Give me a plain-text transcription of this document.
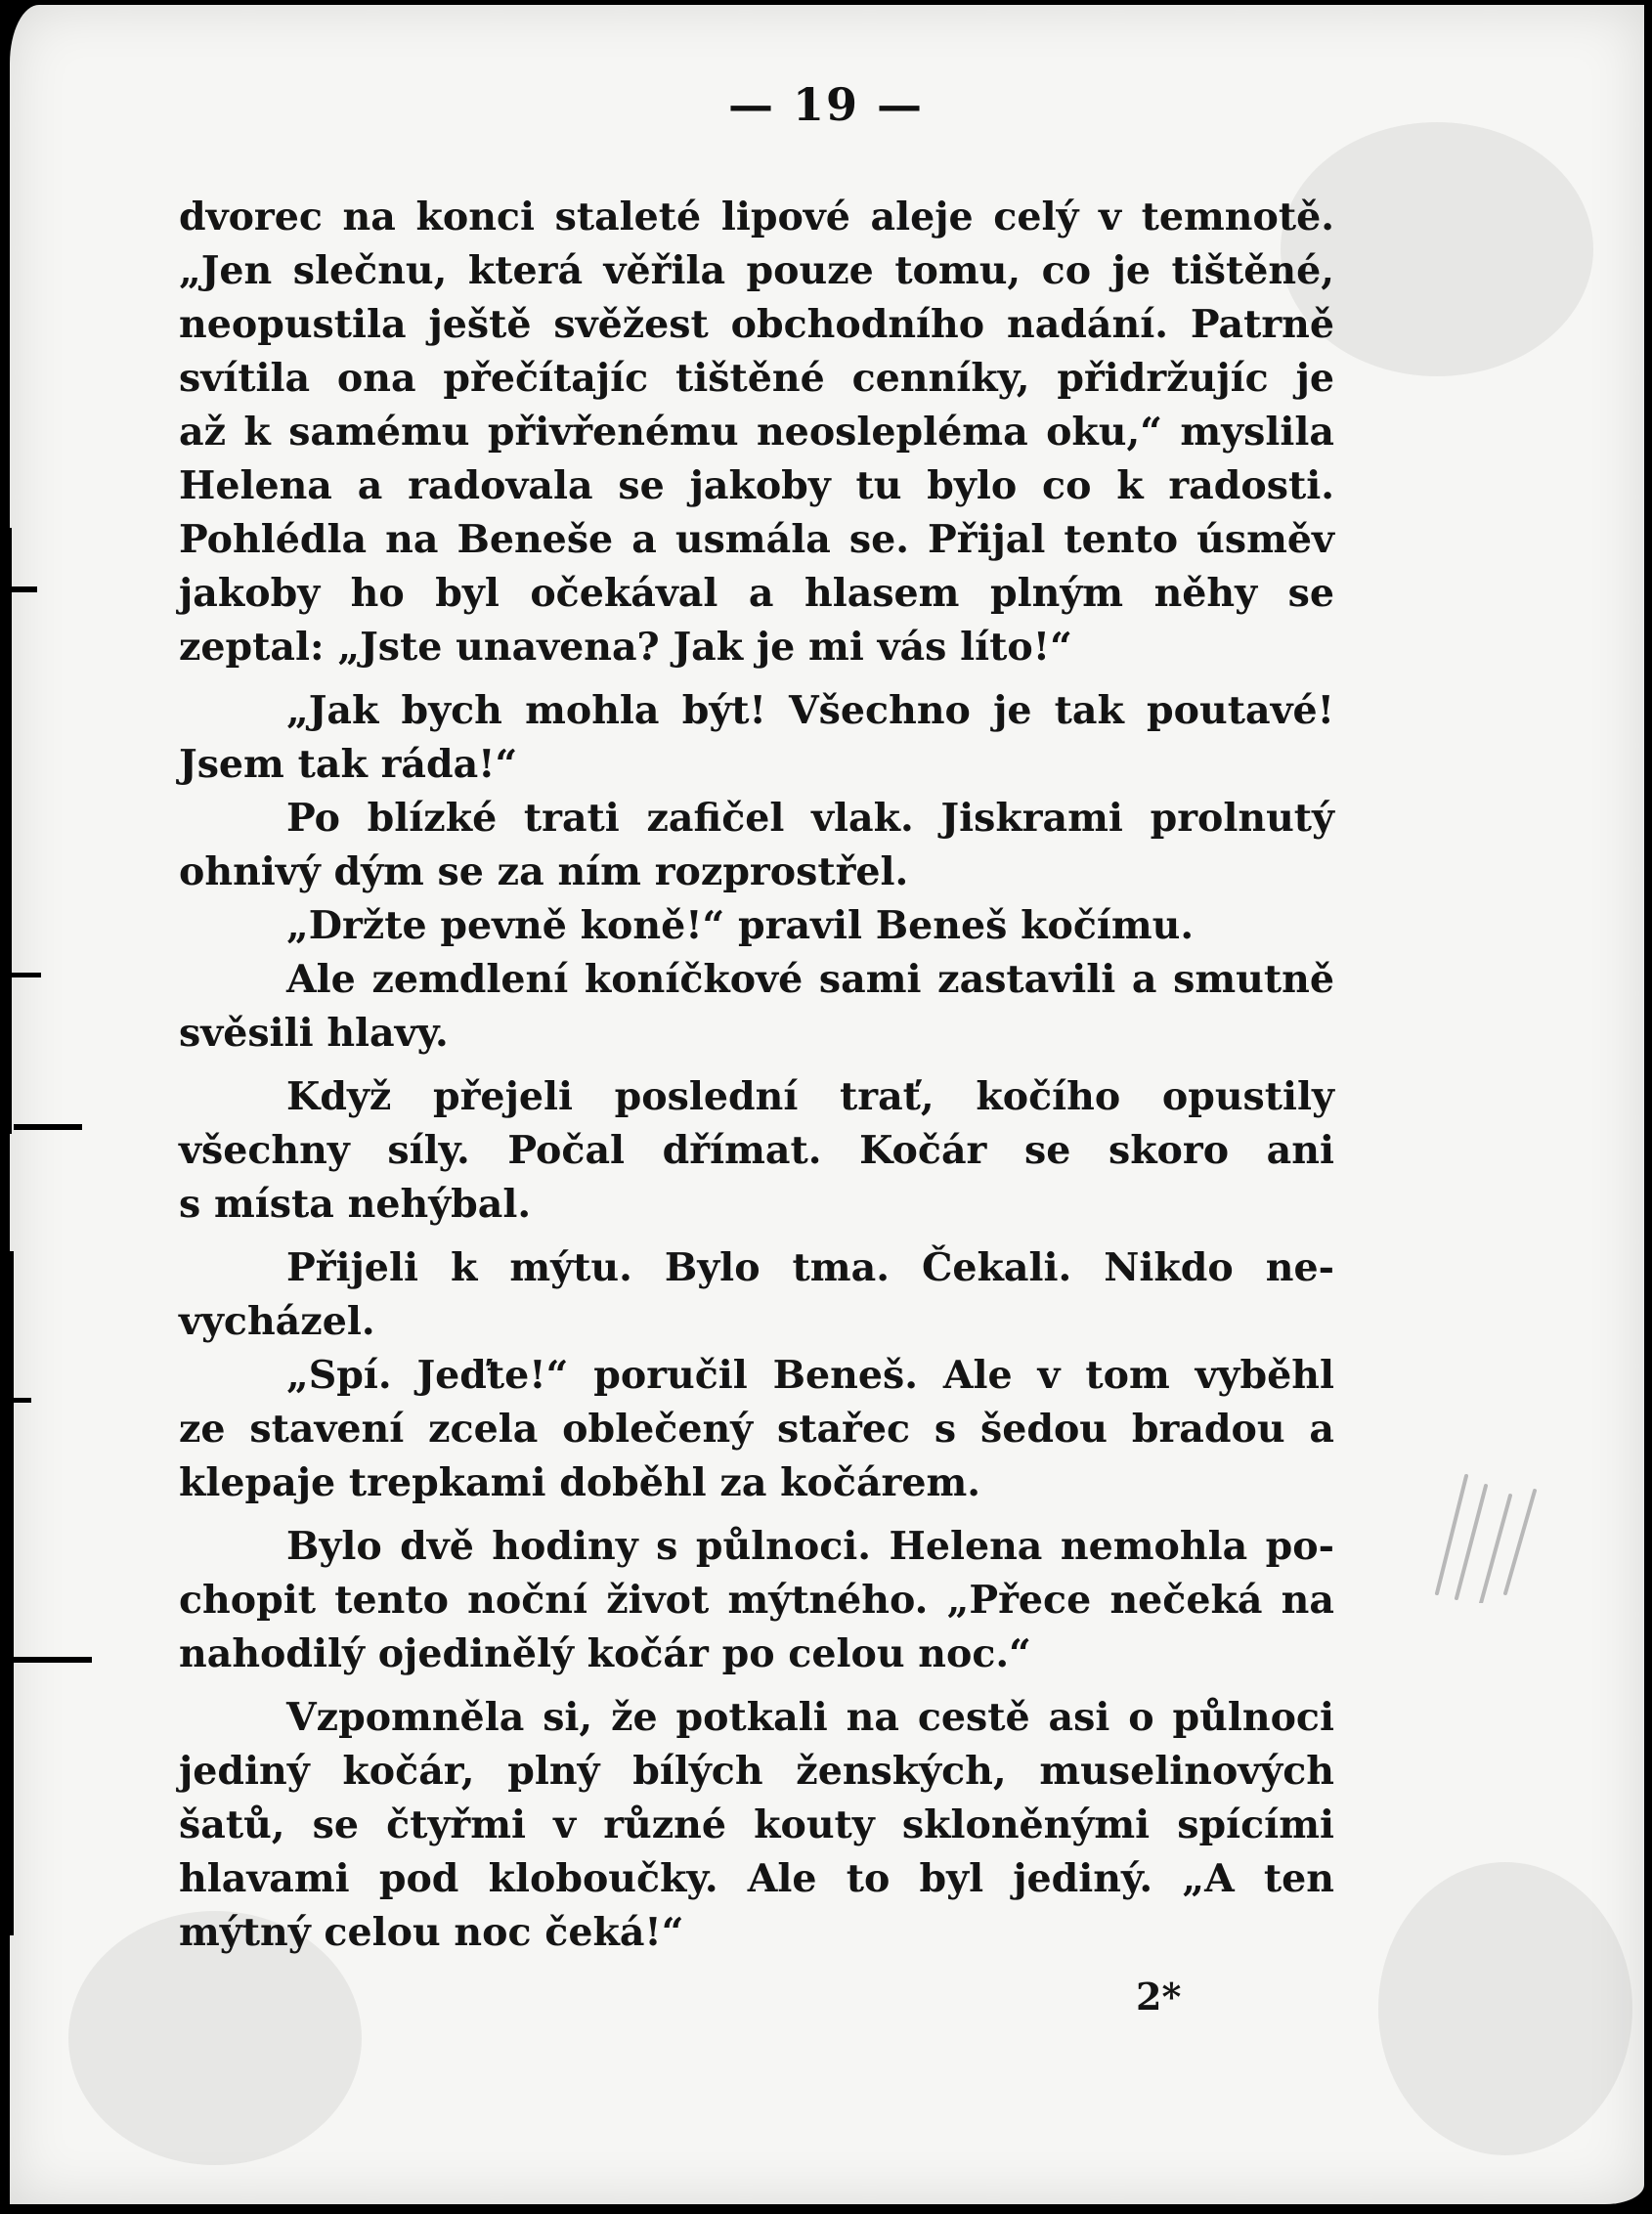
— 19 —
dvorec na konci staleté lipové aleje celý v temnotě.
„Jen slečnu, která věřila pouze tomu, co je tištěné,
neopustila ještě svěžest obchodního nadání. Patrně
svítila ona přečítajíc tištěné cenníky, přidržujíc je
až k samému přivřenému neoslepléma oku,“ myslila
Helena a radovala se jakoby tu bylo co k radosti.
Pohlédla na Beneše a usmála se. Přijal tento úsměv
jakoby ho byl očekával a hlasem plným něhy se
zeptal: „Jste unavena? Jak je mi vás líto!“
„Jak bych mohla být! Všechno je tak poutavé!
Jsem tak ráda!“
Po blízké trati zafičel vlak. Jiskrami prolnutý
ohnivý dým se za ním rozprostřel.
„Držte pevně koně!“ pravil Beneš kočímu.
Ale zemdlení koníčkové sami zastavili a smutně
svěsili hlavy.
Když přejeli poslední trať, kočího opustily
všechny síly. Počal dřímat. Kočár se skoro ani
s místa nehýbal.
Přijeli k mýtu. Bylo tma. Čekali. Nikdo ne-
vycházel.
„Spí. Jeďte!“ poručil Beneš. Ale v tom vyběhl
ze stavení zcela oblečený stařec s šedou bradou a
klepaje trepkami doběhl za kočárem.
Bylo dvě hodiny s půlnoci. Helena nemohla po-
chopit tento noční život mýtného. „Přece nečeká na
nahodilý ojedinělý kočár po celou noc.“
Vzpomněla si, že potkali na cestě asi o půlnoci
jediný kočár, plný bílých ženských, muselinových
šatů, se čtyřmi v různé kouty skloněnými spícími
hlavami pod kloboučky. Ale to byl jediný. „A ten
mýtný celou noc čeká!“
2*
